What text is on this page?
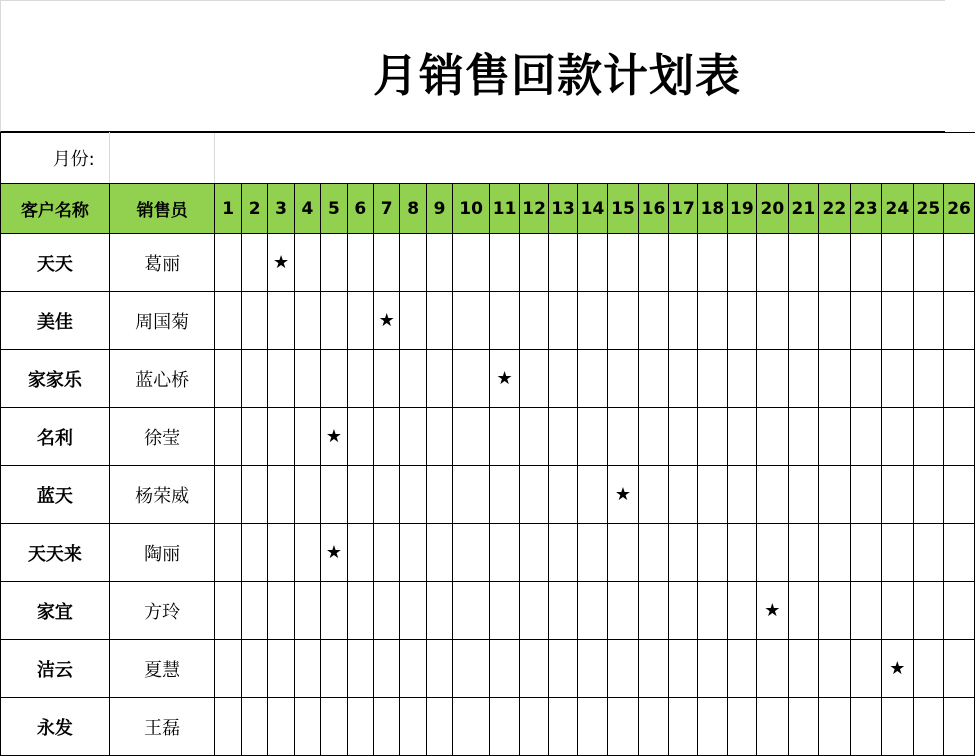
月销售回款计划表
月份:																											
客户名称	销售员	1	2	3	4	5	6	7	8	9	10	11	12	13	14	15	16	17	18	19	20	21	22	23	24	25	26
天天	葛丽			★																							
美佳	周国菊							★																			
家家乐	蓝心桥											★															
名利	徐莹					★																					
蓝天	杨荣威															★											
天天来	陶丽					★																					
家宜	方玲																				★						
洁云	夏慧																								★		
永发	王磊																										
